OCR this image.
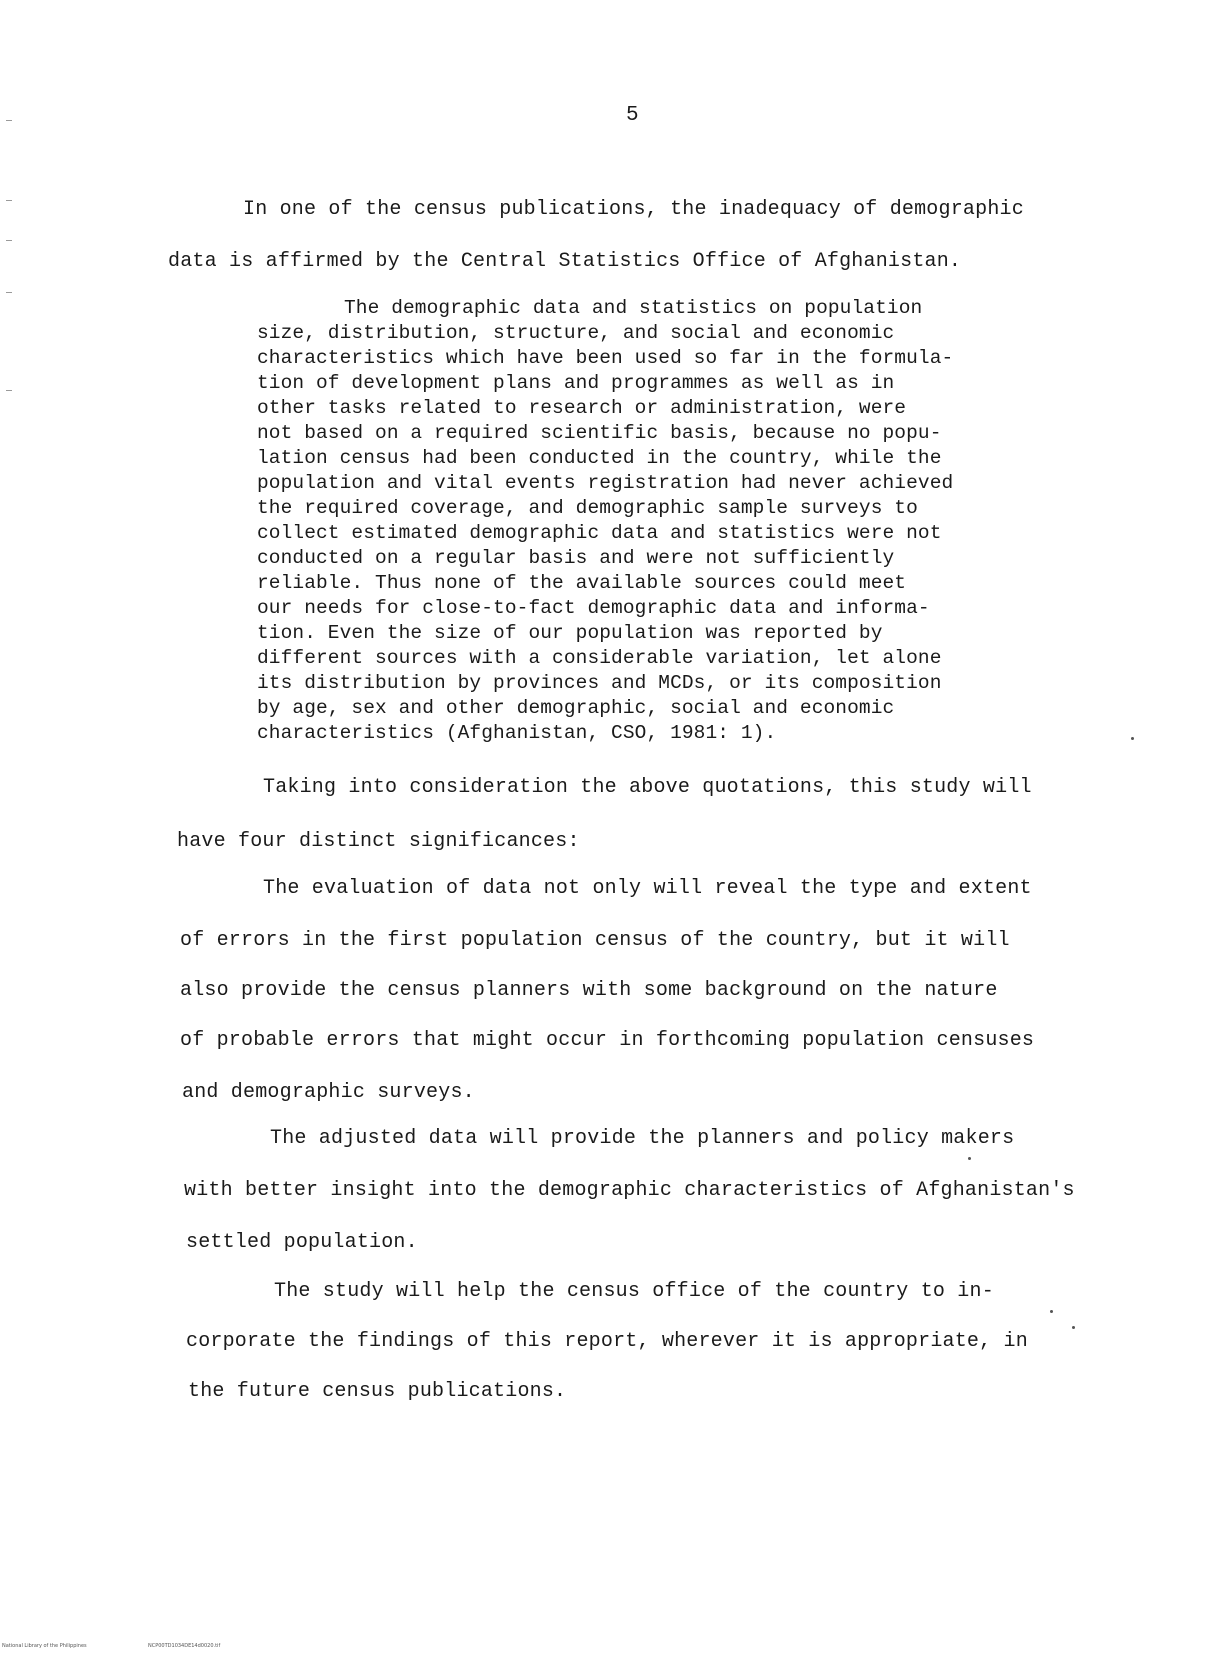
5
In one of the census publications, the inadequacy of demographic
data is affirmed by the Central Statistics Office of Afghanistan.
The demographic data and statistics on population
size, distribution, structure, and social and economic
characteristics which have been used so far in the formula-
tion of development plans and programmes as well as in
other tasks related to research or administration, were
not based on a required scientific basis, because no popu-
lation census had been conducted in the country, while the
population and vital events registration had never achieved
the required coverage, and demographic sample surveys to
collect estimated demographic data and statistics were not
conducted on a regular basis and were not sufficiently
reliable. Thus none of the available sources could meet
our needs for close-to-fact demographic data and informa-
tion. Even the size of our population was reported by
different sources with a considerable variation, let alone
its distribution by provinces and MCDs, or its composition
by age, sex and other demographic, social and economic
characteristics (Afghanistan, CSO, 1981: 1).
Taking into consideration the above quotations, this study will
have four distinct significances:
The evaluation of data not only will reveal the type and extent
of errors in the first population census of the country, but it will
also provide the census planners with some background on the nature
of probable errors that might occur in forthcoming population censuses
and demographic surveys.
The adjusted data will provide the planners and policy makers
with better insight into the demographic characteristics of Afghanistan's
settled population.
The study will help the census office of the country to in-
corporate the findings of this report, wherever it is appropriate, in
the future census publications.
National Library of the Philippines	NCP00TD1034DE14d0020.tif
